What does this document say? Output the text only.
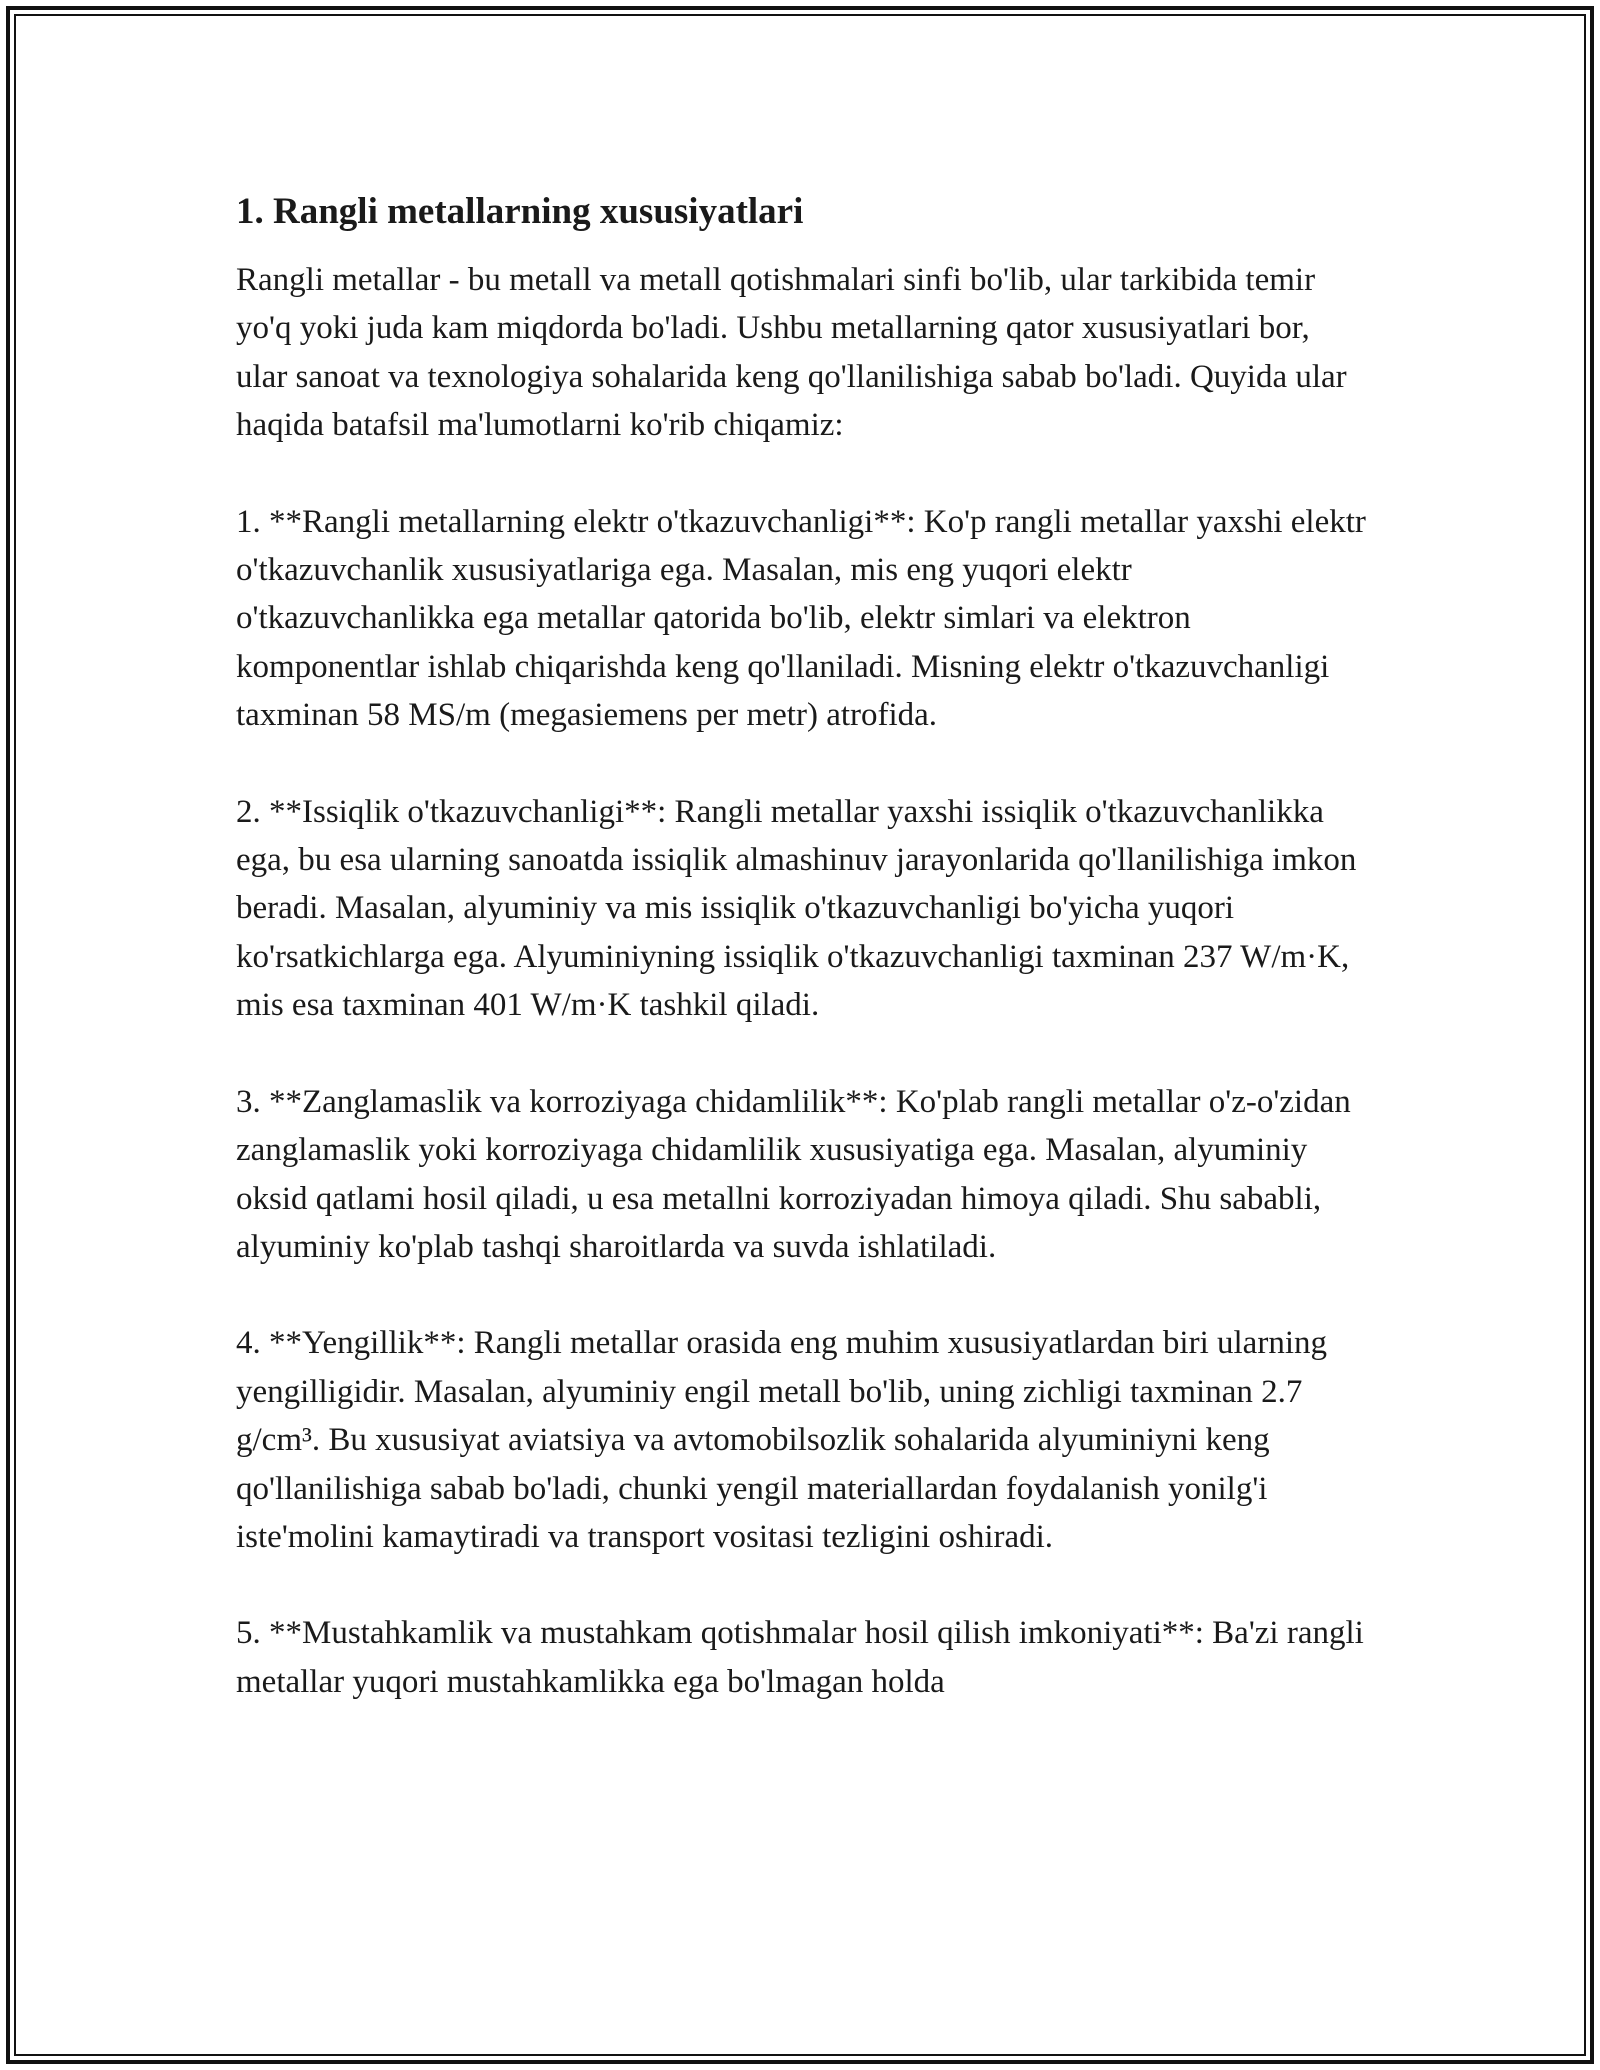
1. Rangli metallarning xususiyatlari

Rangli metallar - bu metall va metall qotishmalari sinfi bo'lib, ular tarkibida temir yo'q yoki juda kam miqdorda bo'ladi. Ushbu metallarning qator xususiyatlari bor, ular sanoat va texnologiya sohalarida keng qo'llanilishiga sabab bo'ladi. Quyida ular haqida batafsil ma'lumotlarni ko'rib chiqamiz:

1. **Rangli metallarning elektr o'tkazuvchanligi**: Ko'p rangli metallar yaxshi elektr o'tkazuvchanlik xususiyatlariga ega. Masalan, mis eng yuqori elektr o'tkazuvchanlikka ega metallar qatorida bo'lib, elektr simlari va elektron komponentlar ishlab chiqarishda keng qo'llaniladi. Misning elektr o'tkazuvchanligi taxminan 58 MS/m (megasiemens per metr) atrofida.

2. **Issiqlik o'tkazuvchanligi**: Rangli metallar yaxshi issiqlik o'tkazuvchanlikka ega, bu esa ularning sanoatda issiqlik almashinuv jarayonlarida qo'llanilishiga imkon beradi. Masalan, alyuminiy va mis issiqlik o'tkazuvchanligi bo'yicha yuqori ko'rsatkichlarga ega. Alyuminiyning issiqlik o'tkazuvchanligi taxminan 237 W/m·K, mis esa taxminan 401 W/m·K tashkil qiladi.

3. **Zanglamaslik va korroziyaga chidamlilik**: Ko'plab rangli metallar o'z-o'zidan zanglamaslik yoki korroziyaga chidamlilik xususiyatiga ega. Masalan, alyuminiy oksid qatlami hosil qiladi, u esa metallni korroziyadan himoya qiladi. Shu sababli, alyuminiy ko'plab tashqi sharoitlarda va suvda ishlatiladi.

4. **Yengillik**: Rangli metallar orasida eng muhim xususiyatlardan biri ularning yengilligidir. Masalan, alyuminiy engil metall bo'lib, uning zichligi taxminan 2.7 g/cm³. Bu xususiyat aviatsiya va avtomobilsozlik sohalarida alyuminiyni keng qo'llanilishiga sabab bo'ladi, chunki yengil materiallardan foydalanish yonilg'i iste'molini kamaytiradi va transport vositasi tezligini oshiradi.

5. **Mustahkamlik va mustahkam qotishmalar hosil qilish imkoniyati**: Ba'zi rangli metallar yuqori mustahkamlikka ega bo'lmagan holda
